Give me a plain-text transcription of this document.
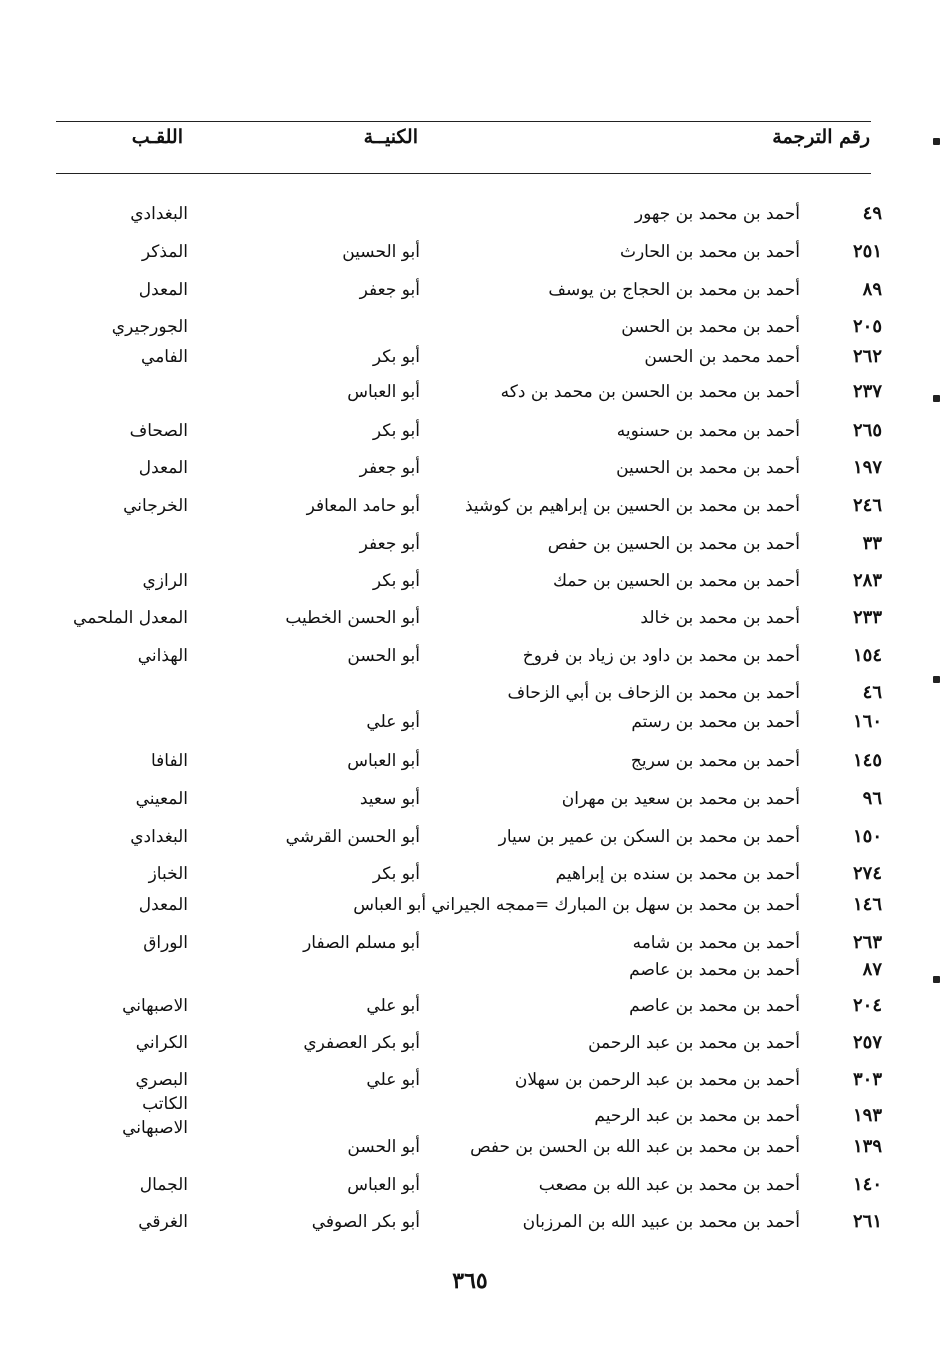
رقم الترجمة
الكنيــة
اللقـب
٤٩
أحمد بن محمد بن جهور
البغدادي
٢٥١
أحمد بن محمد بن الحارث
أبو الحسين
المذكر
٨٩
أحمد بن محمد بن الحجاج بن يوسف
أبو جعفر
المعدل
٢٠٥
أحمد بن محمد بن الحسن
الجورجيري
٢٦٢
أحمد محمد بن الحسن
أبو بكر
الفامي
٢٣٧
أحمد بن محمد بن الحسن بن محمد بن دكه
أبو العباس
٢٦٥
أحمد بن محمد بن حسنويه
أبو بكر
الصحاف
١٩٧
أحمد بن محمد بن الحسين
أبو جعفر
المعدل
٢٤٦
أحمد بن محمد بن الحسين بن إبراهيم بن كوشيذ
أبو حامد المعافر
الخرجاني
٣٣
أحمد بن محمد بن الحسين بن حفص
أبو جعفر
٢٨٣
أحمد بن محمد بن الحسين بن حمك
أبو بكر
الرازي
٢٣٣
أحمد بن محمد بن خالد
أبو الحسن الخطيب
المعدل الملحمي
١٥٤
أحمد بن محمد بن داود بن زياد بن فروخ
أبو الحسن
الهذاني
٤٦
أحمد بن محمد بن الزحاف بن أبي الزحاف
١٦٠
أحمد بن محمد بن رستم
أبو علي
١٤٥
أحمد بن محمد بن سريج
أبو العباس
الفافا
٩٦
أحمد بن محمد بن سعيد بن مهران
أبو سعيد
المعيني
١٥٠
أحمد بن محمد بن السكن بن عمير بن سيار
أبو الحسن القرشي
البغدادي
٢٧٤
أحمد بن محمد بن سنده بن إبراهيم
أبو بكر
الخباز
١٤٦
أحمد بن محمد بن سهل بن المبارك =ممجه الجيراني أبو العباس
المعدل
٢٦٣
أحمد بن محمد بن شامه
أبو مسلم الصفار
الوراق
٨٧
أحمد بن محمد بن عاصم
٢٠٤
أحمد بن محمد بن عاصم
أبو علي
الاصبهاني
٢٥٧
أحمد بن محمد بن عبد الرحمن
أبو بكر العصفري
الكراني
٣٠٣
أحمد بن محمد بن عبد الرحمن بن سهلان
أبو علي
البصري
الكاتب
الاصبهاني
١٩٣
أحمد بن محمد بن عبد الرحيم
١٣٩
أحمد بن محمد بن عبد الله بن الحسن بن حفص
أبو الحسن
١٤٠
أحمد بن محمد بن عبد الله بن مصعب
أبو العباس
الجمال
٢٦١
أحمد بن محمد بن عبيد الله بن المرزبان
أبو بكر الصوفي
الغرقي
٣٦٥
